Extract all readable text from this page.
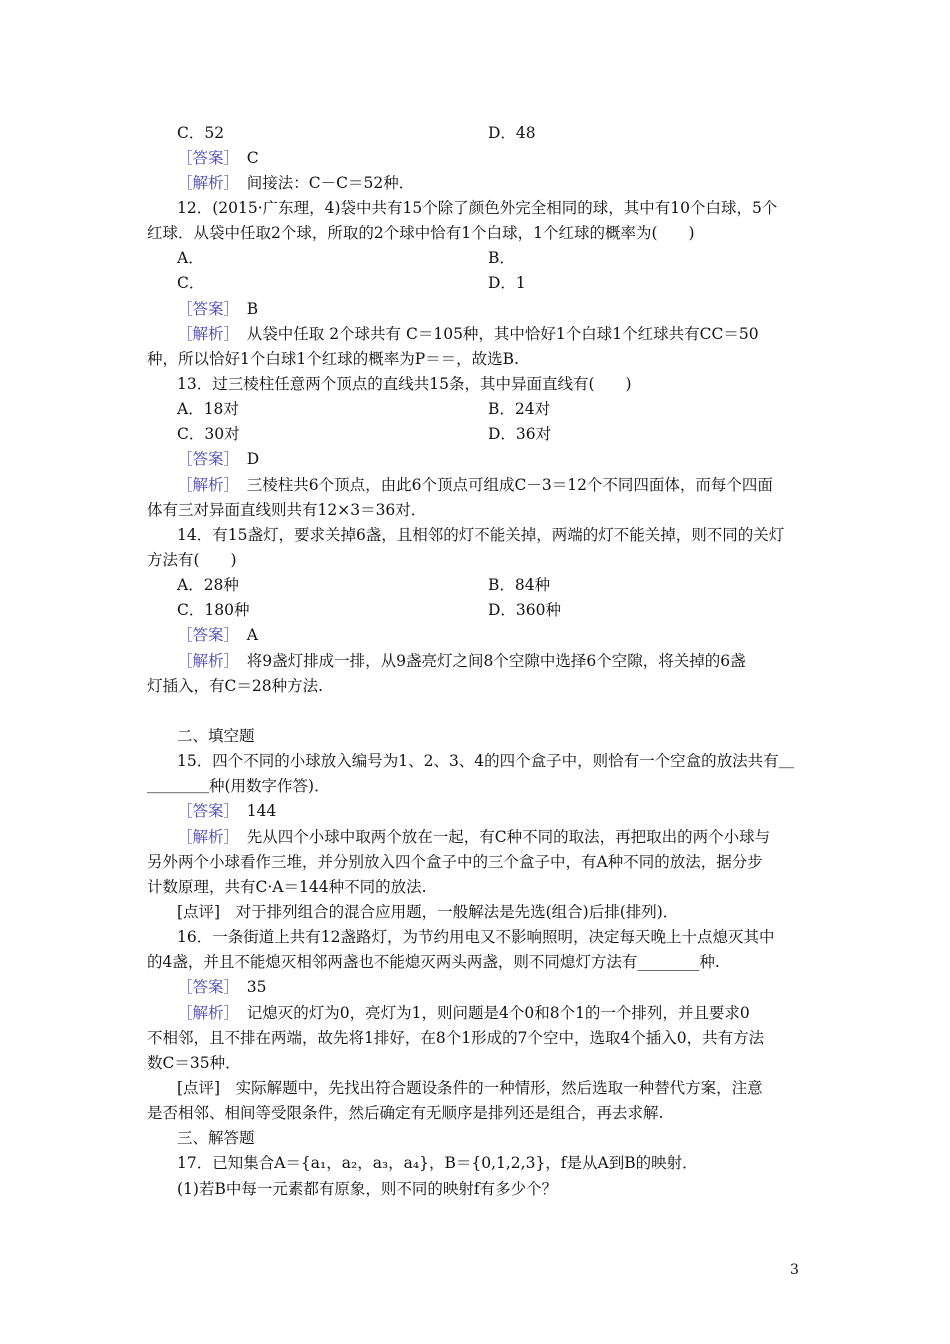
C．52	D．48
［答案］　C
［解析］　间接法：C－C＝52种．
12．(2015·广东理，4)袋中共有15个除了颜色外完全相同的球，其中有10个白球，5个
红球．从袋中任取2个球，所取的2个球中恰有1个白球，1个红球的概率为(　　)
A．	B．
C．	D．1
［答案］　B
［解析］　从袋中任取 2个球共有 C＝105种，其中恰好1个白球1个红球共有CC＝50
种，所以恰好1个白球1个红球的概率为P＝＝，故选B.
13．过三棱柱任意两个顶点的直线共15条，其中异面直线有(　　)
A．18对	B．24对
C．30对	D．36对
［答案］　D
［解析］　三棱柱共6个顶点，由此6个顶点可组成C－3＝12个不同四面体，而每个四面
体有三对异面直线则共有12×3＝36对．
14．有15盏灯，要求关掉6盏，且相邻的灯不能关掉，两端的灯不能关掉，则不同的关灯
方法有(　　)
A．28种	B．84种
C．180种	D．360种
［答案］　A
［解析］　将9盏灯排成一排，从9盏亮灯之间8个空隙中选择6个空隙，将关掉的6盏
灯插入，有C＝28种方法.
二、填空题
15．四个不同的小球放入编号为1、2、3、4的四个盒子中，则恰有一个空盒的放法共有＿
＿＿＿＿种(用数字作答)．
［答案］　144
［解析］　先从四个小球中取两个放在一起，有C种不同的取法，再把取出的两个小球与
另外两个小球看作三堆，并分别放入四个盒子中的三个盒子中，有A种不同的放法，据分步
计数原理，共有C·A＝144种不同的放法.
[点评]　对于排列组合的混合应用题，一般解法是先选(组合)后排(排列)．
16．一条街道上共有12盏路灯，为节约用电又不影响照明，决定每天晚上十点熄灭其中
的4盏，并且不能熄灭相邻两盏也不能熄灭两头两盏，则不同熄灯方法有________种.
［答案］　35
［解析］　记熄灭的灯为0，亮灯为1，则问题是4个0和8个1的一个排列，并且要求0
不相邻，且不排在两端，故先将1排好，在8个1形成的7个空中，选取4个插入0，共有方法
数C＝35种．
[点评]　实际解题中，先找出符合题设条件的一种情形，然后选取一种替代方案，注意
是否相邻、相间等受限条件，然后确定有无顺序是排列还是组合，再去求解.
三、解答题
17．已知集合A＝{a₁，a₂，a₃，a₄}，B＝{0,1,2,3}，f是从A到B的映射．
(1)若B中每一元素都有原象，则不同的映射f有多少个？
3
